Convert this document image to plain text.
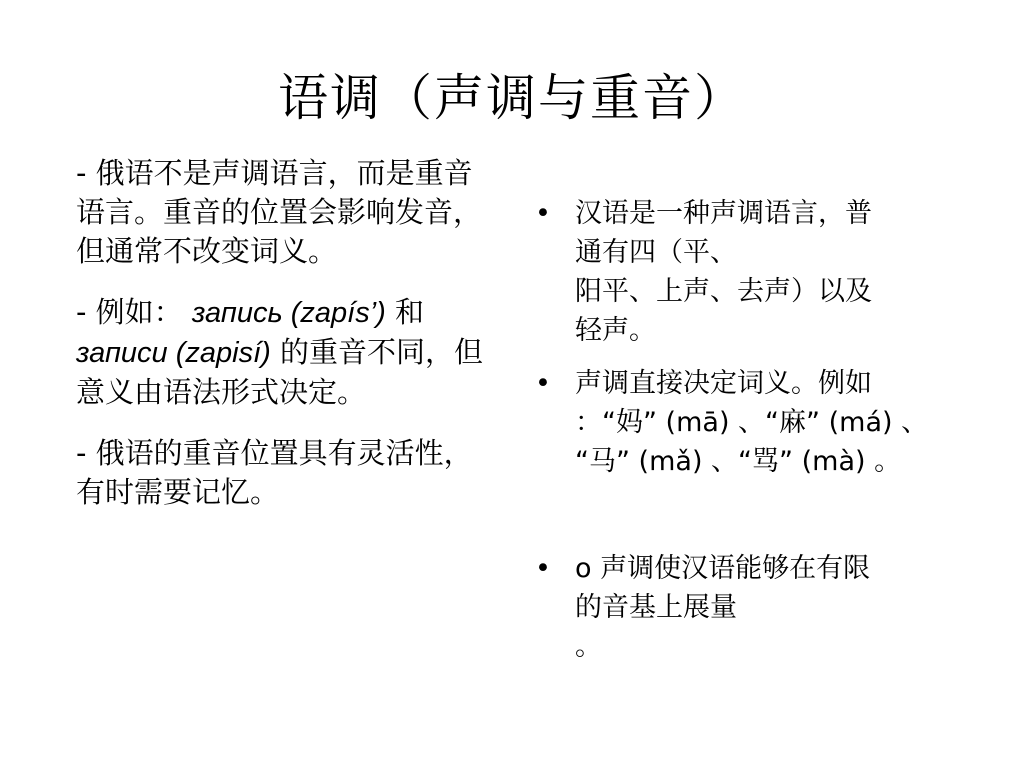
语调（声调与重音）

- 俄语不是声调语言，而是重音语言。重音的位置会影响发音，但通常不改变词义。

- 例如： запись (zapís’) 和 записи (zapisí) 的重音不同，但意义由语法形式决定。

- 俄语的重音位置具有灵活性，有时需要记忆。

• 汉语是一种声调语言，普
通有四（平、
阳平、上声、去声）以及
轻声。
• 声调直接决定词义。例如
：“妈” (mā) 、“麻” (má) 、
“马” (mǎ) 、“骂” (mà) 。
• o 声调使汉语能够在有限
的音基上展量
。
